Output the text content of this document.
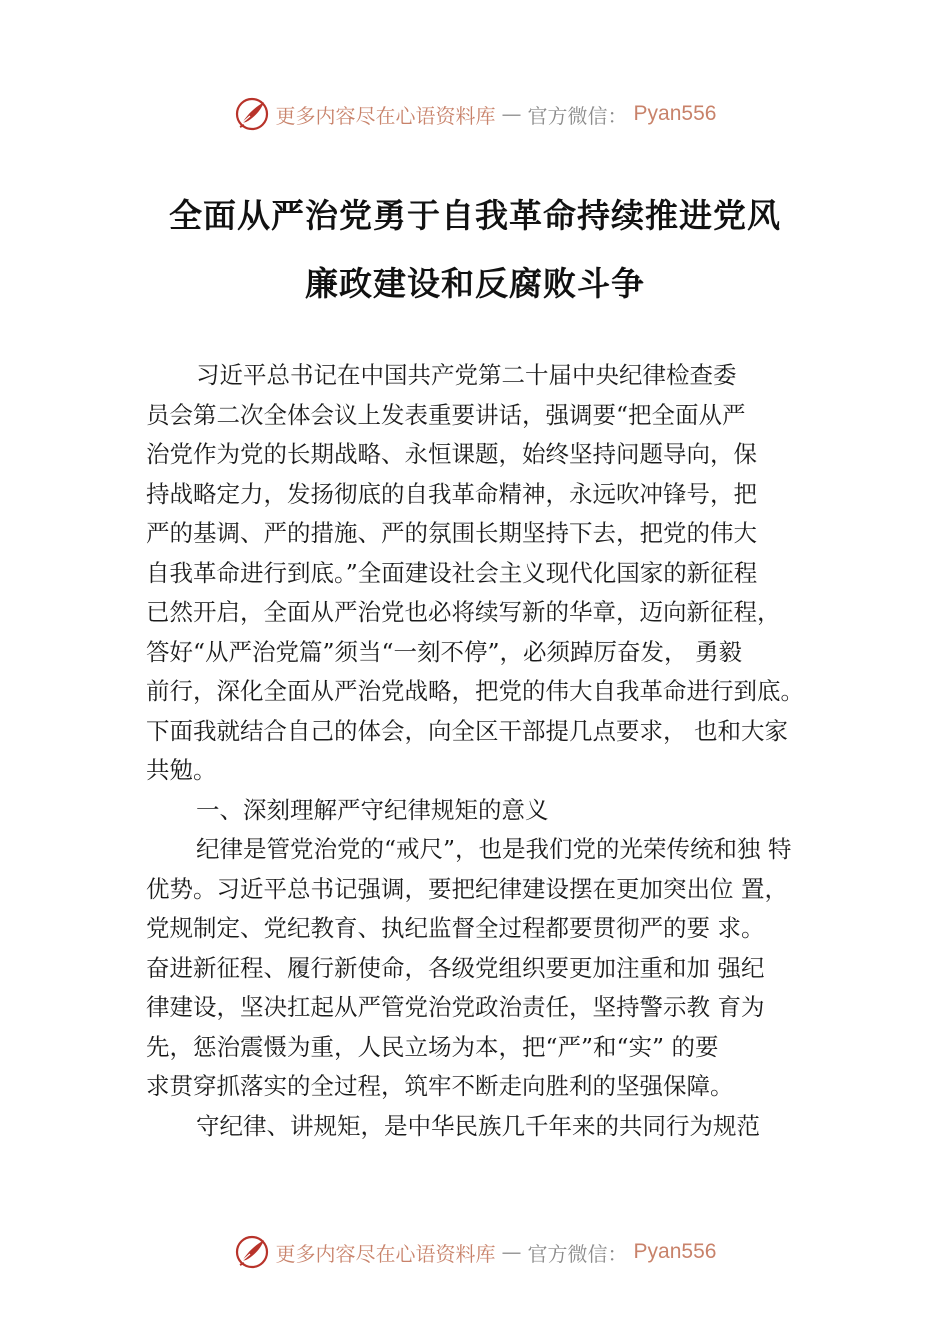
更多内容尽在心语资料库 — 官方微信： Pyan556
全面从严治党勇于自我革命持续推进党风
廉政建设和反腐败斗争
习近平总书记在中国共产党第二十届中央纪律检查委
员会第二次全体会议上发表重要讲话，强调要“把全面从严
治党作为党的长期战略、永恒课题，始终坚持问题导向，保
持战略定力，发扬彻底的自我革命精神，永远吹冲锋号，把
严的基调、严的措施、严的氛围长期坚持下去，把党的伟大
自我革命进行到底。”全面建设社会主义现代化国家的新征程
已然开启，全面从严治党也必将续写新的华章，迈向新征程，
答好“从严治党篇”须当“一刻不停”，必须踔厉奋发， 勇毅
前行，深化全面从严治党战略，把党的伟大自我革命进行到底。
下面我就结合自己的体会，向全区干部提几点要求， 也和大家
共勉。
一、深刻理解严守纪律规矩的意义
纪律是管党治党的“戒尺”，也是我们党的光荣传统和独 特
优势。习近平总书记强调，要把纪律建设摆在更加突出位 置，
党规制定、党纪教育、执纪监督全过程都要贯彻严的要 求。
奋进新征程、履行新使命，各级党组织要更加注重和加 强纪
律建设，坚决扛起从严管党治党政治责任，坚持警示教 育为
先，惩治震慑为重，人民立场为本，把“严”和“实” 的要
求贯穿抓落实的全过程，筑牢不断走向胜利的坚强保障。
守纪律、讲规矩，是中华民族几千年来的共同行为规范
更多内容尽在心语资料库 — 官方微信： Pyan556
